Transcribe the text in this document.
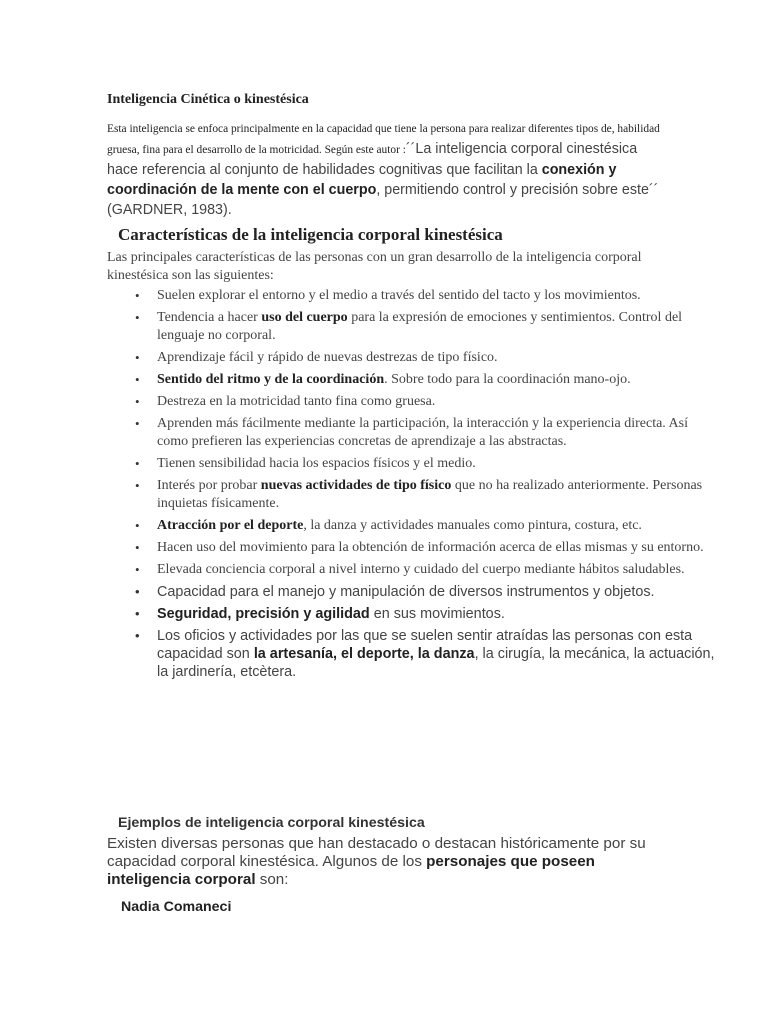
Inteligencia Cinética o kinestésica
Esta inteligencia se enfoca principalmente en la capacidad que tiene la persona para realizar diferentes tipos de, habilidad gruesa, fina para el desarrollo de la motricidad. Según este autor :´´La inteligencia corporal cinestésica hace referencia al conjunto de habilidades cognitivas que facilitan la conexión y coordinación de la mente con el cuerpo, permitiendo control y precisión sobre este´´ (GARDNER, 1983).
Características de la inteligencia corporal kinestésica
Las principales características de las personas con un gran desarrollo de la inteligencia corporal kinestésica son las siguientes:
• Suelen explorar el entorno y el medio a través del sentido del tacto y los movimientos.
• Tendencia a hacer uso del cuerpo para la expresión de emociones y sentimientos. Control del lenguaje no corporal.
• Aprendizaje fácil y rápido de nuevas destrezas de tipo físico.
• Sentido del ritmo y de la coordinación. Sobre todo para la coordinación mano-ojo.
• Destreza en la motricidad tanto fina como gruesa.
• Aprenden más fácilmente mediante la participación, la interacción y la experiencia directa. Así como prefieren las experiencias concretas de aprendizaje a las abstractas.
• Tienen sensibilidad hacia los espacios físicos y el medio.
• Interés por probar nuevas actividades de tipo físico que no ha realizado anteriormente. Personas inquietas físicamente.
• Atracción por el deporte, la danza y actividades manuales como pintura, costura, etc.
• Hacen uso del movimiento para la obtención de información acerca de ellas mismas y su entorno.
• Elevada conciencia corporal a nivel interno y cuidado del cuerpo mediante hábitos saludables.
• Capacidad para el manejo y manipulación de diversos instrumentos y objetos.
• Seguridad, precisión y agilidad en sus movimientos.
• Los oficios y actividades por las que se suelen sentir atraídas las personas con esta capacidad son la artesanía, el deporte, la danza, la cirugía, la mecánica, la actuación, la jardinería, etcètera.
Ejemplos de inteligencia corporal kinestésica
Existen diversas personas que han destacado o destacan históricamente por su capacidad corporal kinestésica. Algunos de los personajes que poseen inteligencia corporal son:
Nadia Comaneci
